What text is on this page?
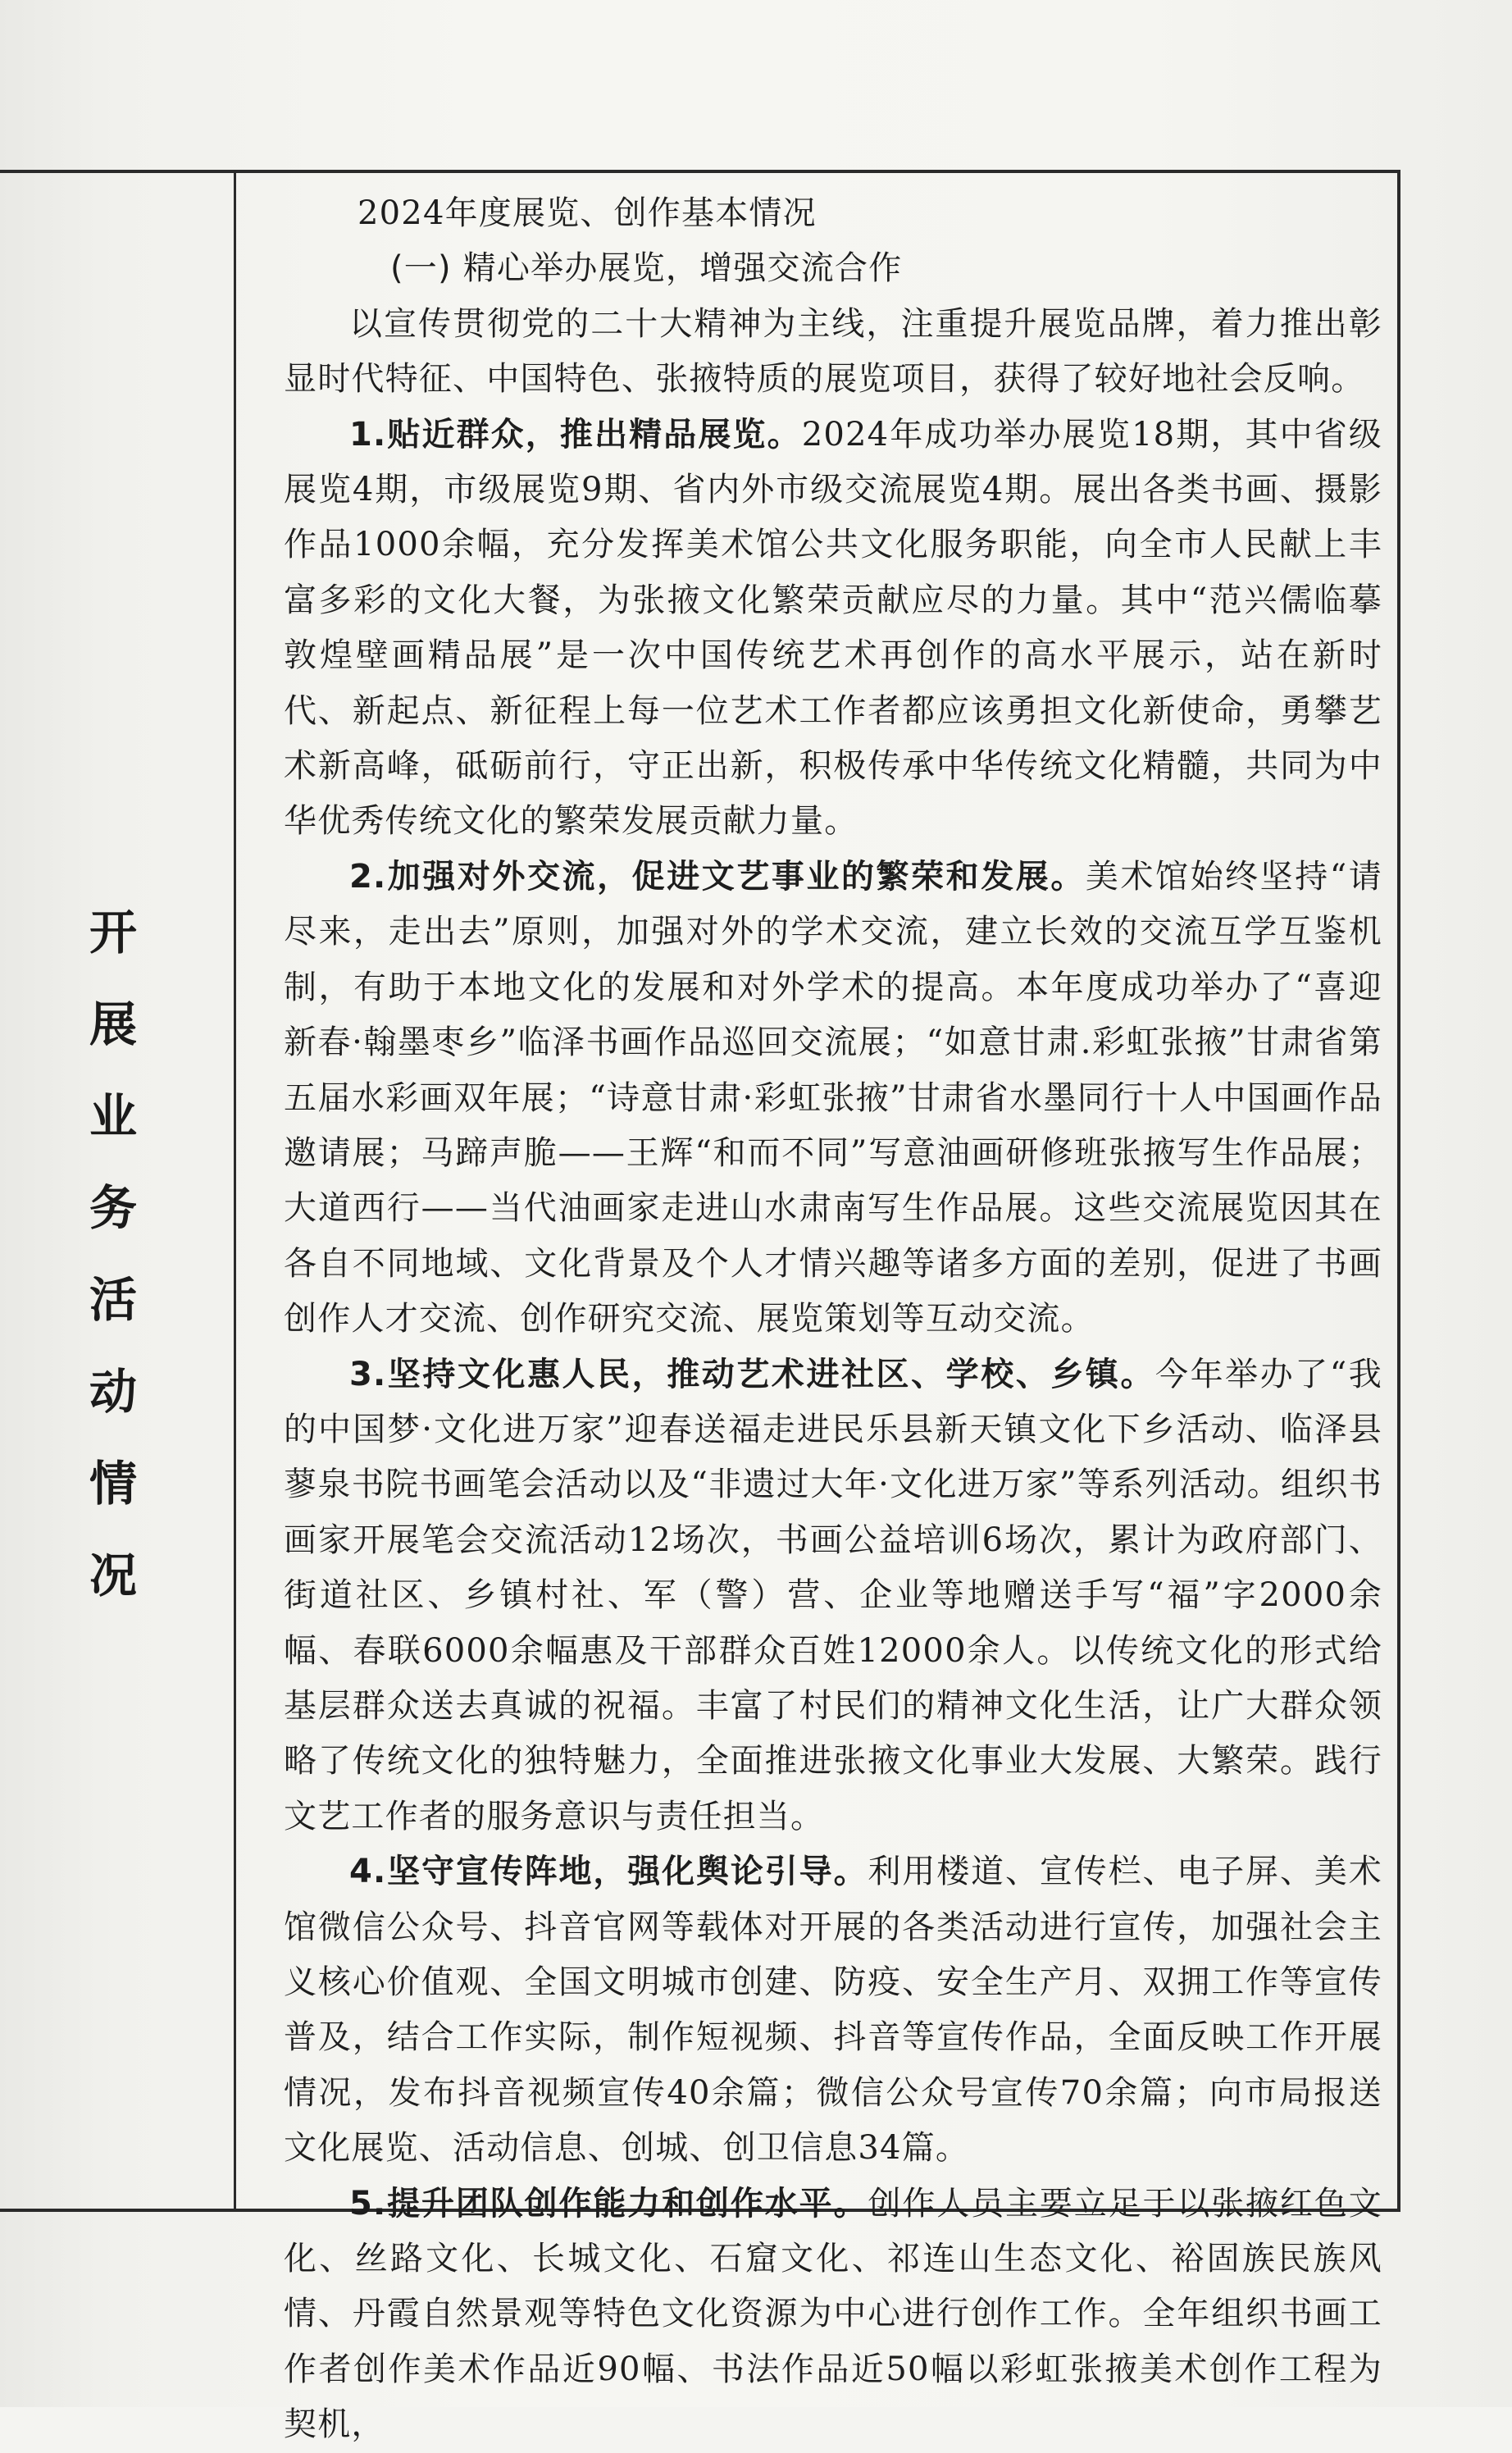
开
展
业
务
活
动
情
况

2024年度展览、创作基本情况

(一) 精心举办展览，增强交流合作

以宣传贯彻党的二十大精神为主线，注重提升展览品牌，着力推出彰显时代特征、中国特色、张掖特质的展览项目，获得了较好地社会反响。

1.贴近群众，推出精品展览。2024年成功举办展览18期，其中省级展览4期，市级展览9期、省内外市级交流展览4期。展出各类书画、摄影作品1000余幅，充分发挥美术馆公共文化服务职能，向全市人民献上丰富多彩的文化大餐，为张掖文化繁荣贡献应尽的力量。其中“范兴儒临摹敦煌壁画精品展”是一次中国传统艺术再创作的高水平展示，站在新时代、新起点、新征程上每一位艺术工作者都应该勇担文化新使命，勇攀艺术新高峰，砥砺前行，守正出新，积极传承中华传统文化精髓，共同为中华优秀传统文化的繁荣发展贡献力量。

2.加强对外交流，促进文艺事业的繁荣和发展。美术馆始终坚持“请尽来，走出去”原则，加强对外的学术交流，建立长效的交流互学互鉴机制，有助于本地文化的发展和对外学术的提高。本年度成功举办了“喜迎新春·翰墨枣乡”临泽书画作品巡回交流展；“如意甘肃.彩虹张掖”甘肃省第五届水彩画双年展；“诗意甘肃·彩虹张掖”甘肃省水墨同行十人中国画作品邀请展；马蹄声脆——王辉“和而不同”写意油画研修班张掖写生作品展；大道西行——当代油画家走进山水肃南写生作品展。这些交流展览因其在各自不同地域、文化背景及个人才情兴趣等诸多方面的差别，促进了书画创作人才交流、创作研究交流、展览策划等互动交流。

3.坚持文化惠人民，推动艺术进社区、学校、乡镇。今年举办了“我的中国梦·文化进万家”迎春送福走进民乐县新天镇文化下乡活动、临泽县蓼泉书院书画笔会活动以及“非遗过大年·文化进万家”等系列活动。组织书画家开展笔会交流活动12场次，书画公益培训6场次，累计为政府部门、街道社区、乡镇村社、军（警）营、企业等地赠送手写“福”字2000余幅、春联6000余幅惠及干部群众百姓12000余人。以传统文化的形式给基层群众送去真诚的祝福。丰富了村民们的精神文化生活，让广大群众领略了传统文化的独特魅力，全面推进张掖文化事业大发展、大繁荣。践行文艺工作者的服务意识与责任担当。

4.坚守宣传阵地，强化舆论引导。利用楼道、宣传栏、电子屏、美术馆微信公众号、抖音官网等载体对开展的各类活动进行宣传，加强社会主义核心价值观、全国文明城市创建、防疫、安全生产月、双拥工作等宣传普及，结合工作实际，制作短视频、抖音等宣传作品，全面反映工作开展情况，发布抖音视频宣传40余篇；微信公众号宣传70余篇；向市局报送文化展览、活动信息、创城、创卫信息34篇。

5.提升团队创作能力和创作水平。创作人员主要立足于以张掖红色文化、丝路文化、长城文化、石窟文化、祁连山生态文化、裕固族民族风情、丹霞自然景观等特色文化资源为中心进行创作工作。全年组织书画工作者创作美术作品近90幅、书法作品近50幅以彩虹张掖美术创作工程为契机，
